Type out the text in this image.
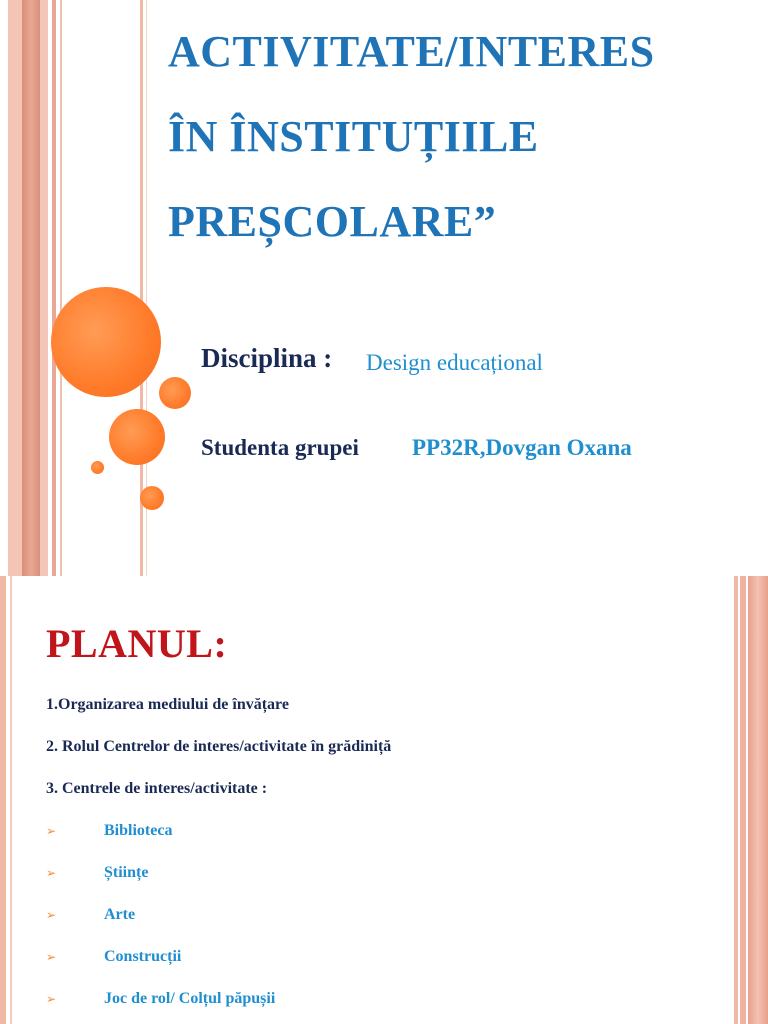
ACTIVITATE/INTERES
ÎN ÎNSTITUȚIILE
PREȘCOLARE”
Disciplina : Design educațional
Studenta grupei PP32R,Dovgan Oxana
PLANUL:
1.Organizarea mediului de învățare
2. Rolul Centrelor de interes/activitate în grădiniță
3. Centrele de interes/activitate :
➢	Biblioteca
➢	Științe
➢	Arte
➢	Construcții
➢	Joc de rol/ Colțul păpușii
